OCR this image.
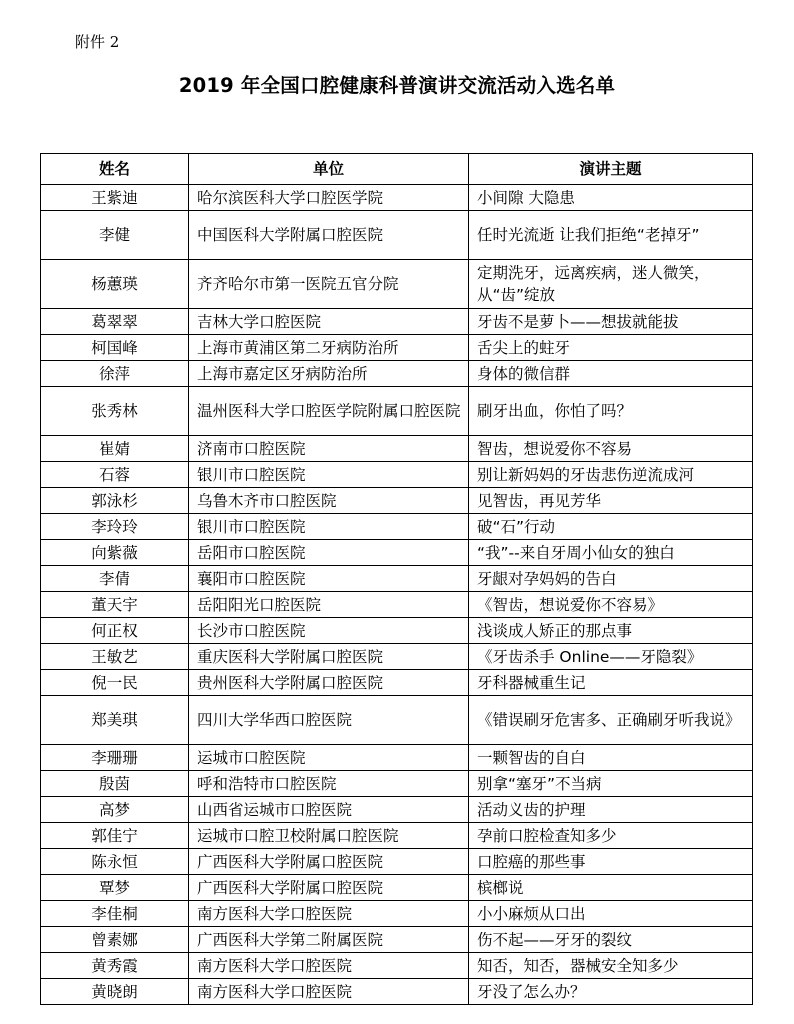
附件 2
2019 年全国口腔健康科普演讲交流活动入选名单
姓名	单位	演讲主题
王紫迪	哈尔滨医科大学口腔医学院	小间隙 大隐患
李健	中国医科大学附属口腔医院	任时光流逝 让我们拒绝“老掉牙”
杨蕙瑛	齐齐哈尔市第一医院五官分院	定期洗牙，远离疾病，迷人微笑，从“齿”绽放
葛翠翠	吉林大学口腔医院	牙齿不是萝卜——想拔就能拔
柯国峰	上海市黄浦区第二牙病防治所	舌尖上的蛀牙
徐萍	上海市嘉定区牙病防治所	身体的微信群
张秀林	温州医科大学口腔医学院附属口腔医院	刷牙出血，你怕了吗？
崔婧	济南市口腔医院	智齿，想说爱你不容易
石蓉	银川市口腔医院	别让新妈妈的牙齿悲伤逆流成河
郭泳杉	乌鲁木齐市口腔医院	见智齿，再见芳华
李玲玲	银川市口腔医院	破“石”行动
向紫薇	岳阳市口腔医院	“我”--来自牙周小仙女的独白
李倩	襄阳市口腔医院	牙龈对孕妈妈的告白
董天宇	岳阳阳光口腔医院	《智齿，想说爱你不容易》
何正权	长沙市口腔医院	浅谈成人矫正的那点事
王敏艺	重庆医科大学附属口腔医院	《牙齿杀手 Online——牙隐裂》
倪一民	贵州医科大学附属口腔医院	牙科器械重生记
郑美琪	四川大学华西口腔医院	《错误刷牙危害多、正确刷牙听我说》
李珊珊	运城市口腔医院	一颗智齿的自白
殷茵	呼和浩特市口腔医院	别拿“塞牙”不当病
高梦	山西省运城市口腔医院	活动义齿的护理
郭佳宁	运城市口腔卫校附属口腔医院	孕前口腔检查知多少
陈永恒	广西医科大学附属口腔医院	口腔癌的那些事
覃梦	广西医科大学附属口腔医院	槟榔说
李佳桐	南方医科大学口腔医院	小小麻烦从口出
曾素娜	广西医科大学第二附属医院	伤不起——牙牙的裂纹
黄秀霞	南方医科大学口腔医院	知否，知否，器械安全知多少
黄晓朗	南方医科大学口腔医院	牙没了怎么办？
